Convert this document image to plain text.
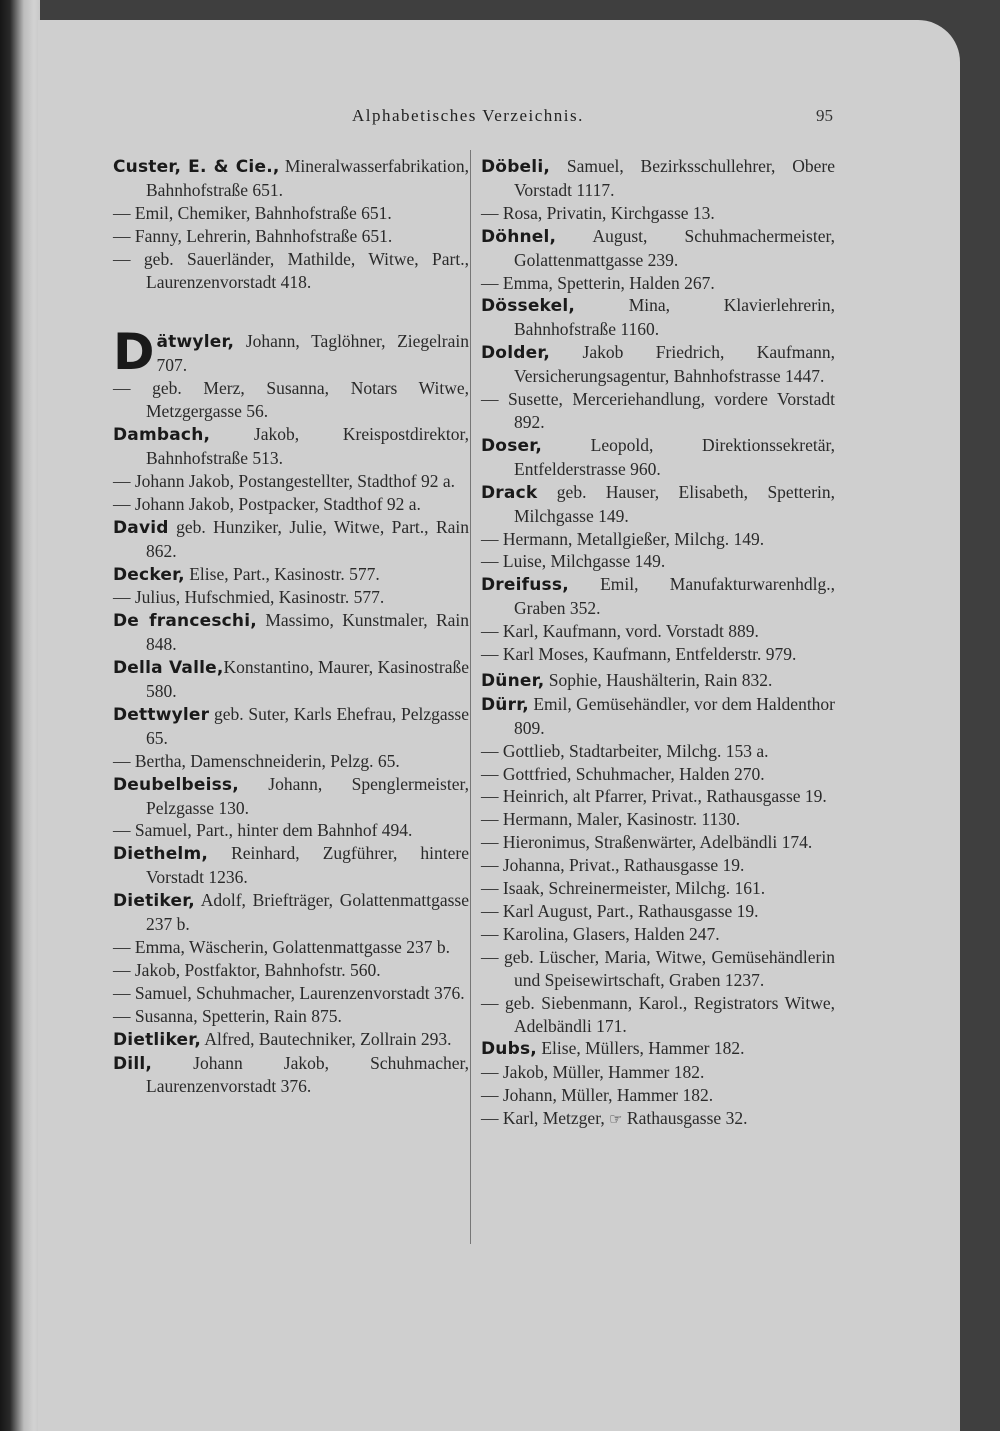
Alphabetisches Verzeichnis.	95

Custer, E. & Cie., Mineralwasserfabrikation, Bahnhofstraße 651.

— Emil, Chemiker, Bahnhofstraße 651.

— Fanny, Lehrerin, Bahnhofstraße 651.

— geb. Sauerländer, Mathilde, Witwe, Part., Laurenzenvorstadt 418.

Dätwyler, Johann, Taglöhner, Ziegelrain 707.

— geb. Merz, Susanna, Notars Witwe, Metzgergasse 56.

Dambach, Jakob, Kreispostdirektor, Bahnhofstraße 513.

— Johann Jakob, Postangestellter, Stadthof 92 a.

— Johann Jakob, Postpacker, Stadthof 92 a.

David geb. Hunziker, Julie, Witwe, Part., Rain 862.

Decker, Elise, Part., Kasinostr. 577.

— Julius, Hufschmied, Kasinostr. 577.

De franceschi, Massimo, Kunstmaler, Rain 848.

Della Valle,Konstantino, Maurer, Kasinostraße 580.

Dettwyler geb. Suter, Karls Ehefrau, Pelzgasse 65.

— Bertha, Damenschneiderin, Pelzg. 65.

Deubelbeiss, Johann, Spenglermeister, Pelzgasse 130.

— Samuel, Part., hinter dem Bahnhof 494.

Diethelm, Reinhard, Zugführer, hintere Vorstadt 1236.

Dietiker, Adolf, Briefträger, Golattenmattgasse 237 b.

— Emma, Wäscherin, Golattenmattgasse 237 b.

— Jakob, Postfaktor, Bahnhofstr. 560.

— Samuel, Schuhmacher, Laurenzenvorstadt 376.

— Susanna, Spetterin, Rain 875.

Dietliker, Alfred, Bautechniker, Zollrain 293.

Dill, Johann Jakob, Schuhmacher, Laurenzenvorstadt 376.

Döbeli, Samuel, Bezirksschullehrer, Obere Vorstadt 1117.

— Rosa, Privatin, Kirchgasse 13.

Döhnel, August, Schuhmachermeister, Golattenmattgasse 239.

— Emma, Spetterin, Halden 267.

Dössekel,	Mina, Klavierlehrerin, Bahnhofstraße 1160.

Dolder, Jakob Friedrich, Kaufmann, Versicherungsagentur, Bahnhofstrasse 1447.

— Susette, Merceriehandlung, vordere Vorstadt 892.

Doser,	Leopold, Direktionssekretär, Entfelderstrasse 960.

Drack geb. Hauser, Elisabeth, Spetterin, Milchgasse 149.

— Hermann, Metallgießer, Milchg. 149.

— Luise, Milchgasse 149.

Dreifuss, Emil, Manufakturwarenhdlg., Graben 352.

— Karl, Kaufmann, vord. Vorstadt 889.

— Karl Moses, Kaufmann, Entfelderstr. 979.

Düner, Sophie, Haushälterin, Rain 832.

Dürr, Emil, Gemüsehändler, vor dem Haldenthor 809.

— Gottlieb, Stadtarbeiter, Milchg. 153 a.

— Gottfried, Schuhmacher, Halden 270.

— Heinrich, alt Pfarrer, Privat., Rathausgasse 19.

— Hermann, Maler, Kasinostr. 1130.

— Hieronimus, Straßenwärter, Adelbändli 174.

— Johanna, Privat., Rathausgasse 19.

— Isaak, Schreinermeister, Milchg. 161.

— Karl August, Part., Rathausgasse 19.

— Karolina, Glasers, Halden 247.

— geb. Lüscher, Maria, Witwe, Gemüsehändlerin und Speisewirtschaft, Graben 1237.

— geb. Siebenmann, Karol., Registrators Witwe, Adelbändli 171.

Dubs, Elise, Müllers, Hammer 182.

— Jakob, Müller, Hammer 182.

— Johann, Müller, Hammer 182.

— Karl, Metzger, ☞ Rathausgasse 32.
